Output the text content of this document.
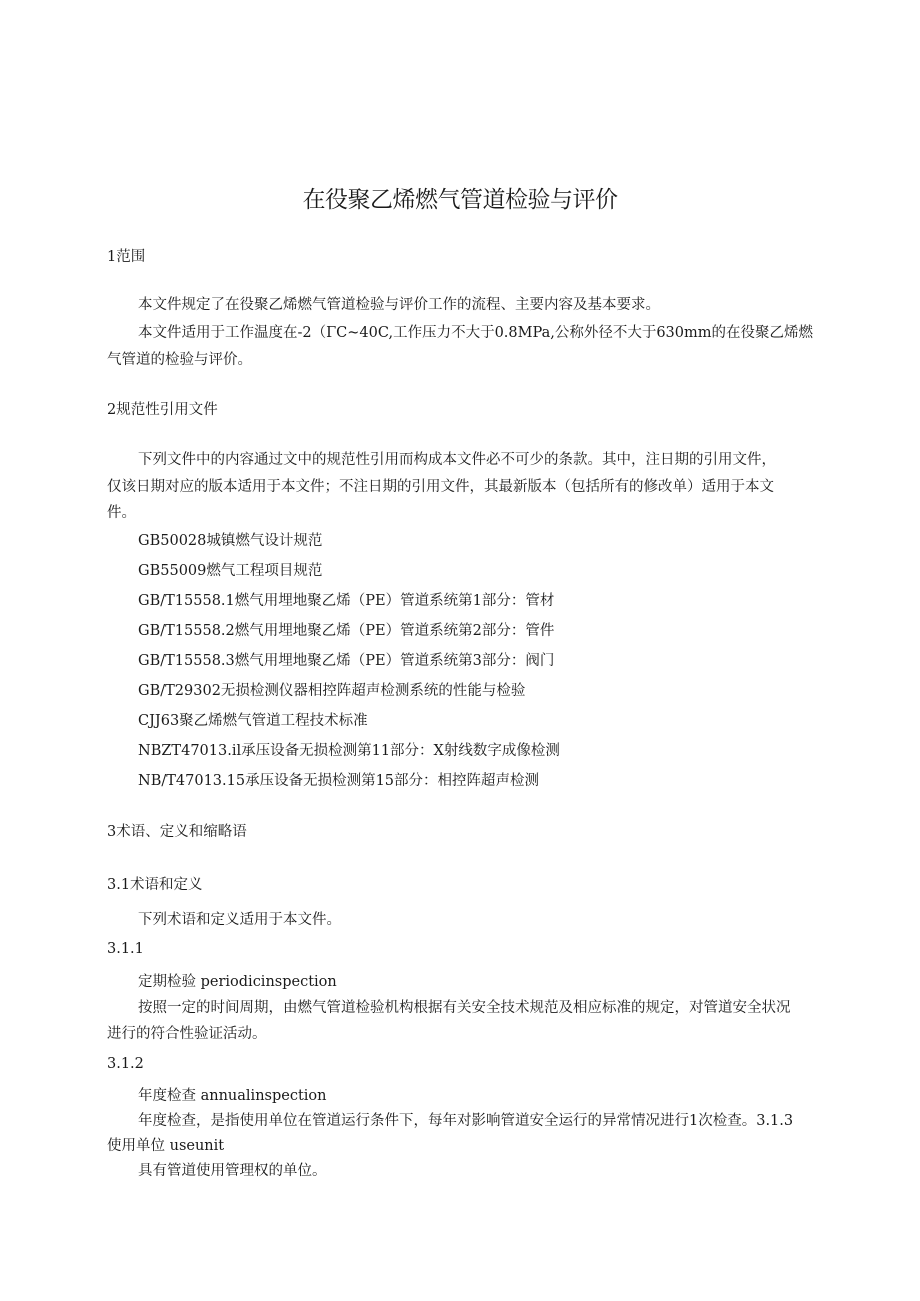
在役聚乙烯燃气管道检验与评价

1范围

本文件规定了在役聚乙烯燃气管道检验与评价工作的流程、主要内容及基本要求。

本文件适用于工作温度在-2（ΓC~40C,工作压力不大于0.8MPa,公称外径不大于630mm的在役聚乙烯燃

气管道的检验与评价。

2规范性引用文件

下列文件中的内容通过文中的规范性引用而构成本文件必不可少的条款。其中，注日期的引用文件，

仅该日期对应的版本适用于本文件；不注日期的引用文件，其最新版本（包括所有的修改单）适用于本文

件。

GB50028城镇燃气设计规范

GB55009燃气工程项目规范

GB/T15558.1燃气用埋地聚乙烯（PE）管道系统第1部分：管材

GB/T15558.2燃气用埋地聚乙烯（PE）管道系统第2部分：管件

GB/T15558.3燃气用埋地聚乙烯（PE）管道系统第3部分：阀门

GB/T29302无损检测仪器相控阵超声检测系统的性能与检验

CJJ63聚乙烯燃气管道工程技术标准

NBZT47013.il承压设备无损检测第11部分：X射线数字成像检测

NB/T47013.15承压设备无损检测第15部分：相控阵超声检测

3术语、定义和缩略语

3.1术语和定义

下列术语和定义适用于本文件。

3.1.1

定期检验 periodicinspection

按照一定的时间周期，由燃气管道检验机构根据有关安全技术规范及相应标准的规定，对管道安全状况

进行的符合性验证活动。

3.1.2

年度检查 annualinspection

年度检查，是指使用单位在管道运行条件下，每年对影响管道安全运行的异常情况进行1次检查。3.1.3

使用单位 useunit

具有管道使用管理权的单位。
